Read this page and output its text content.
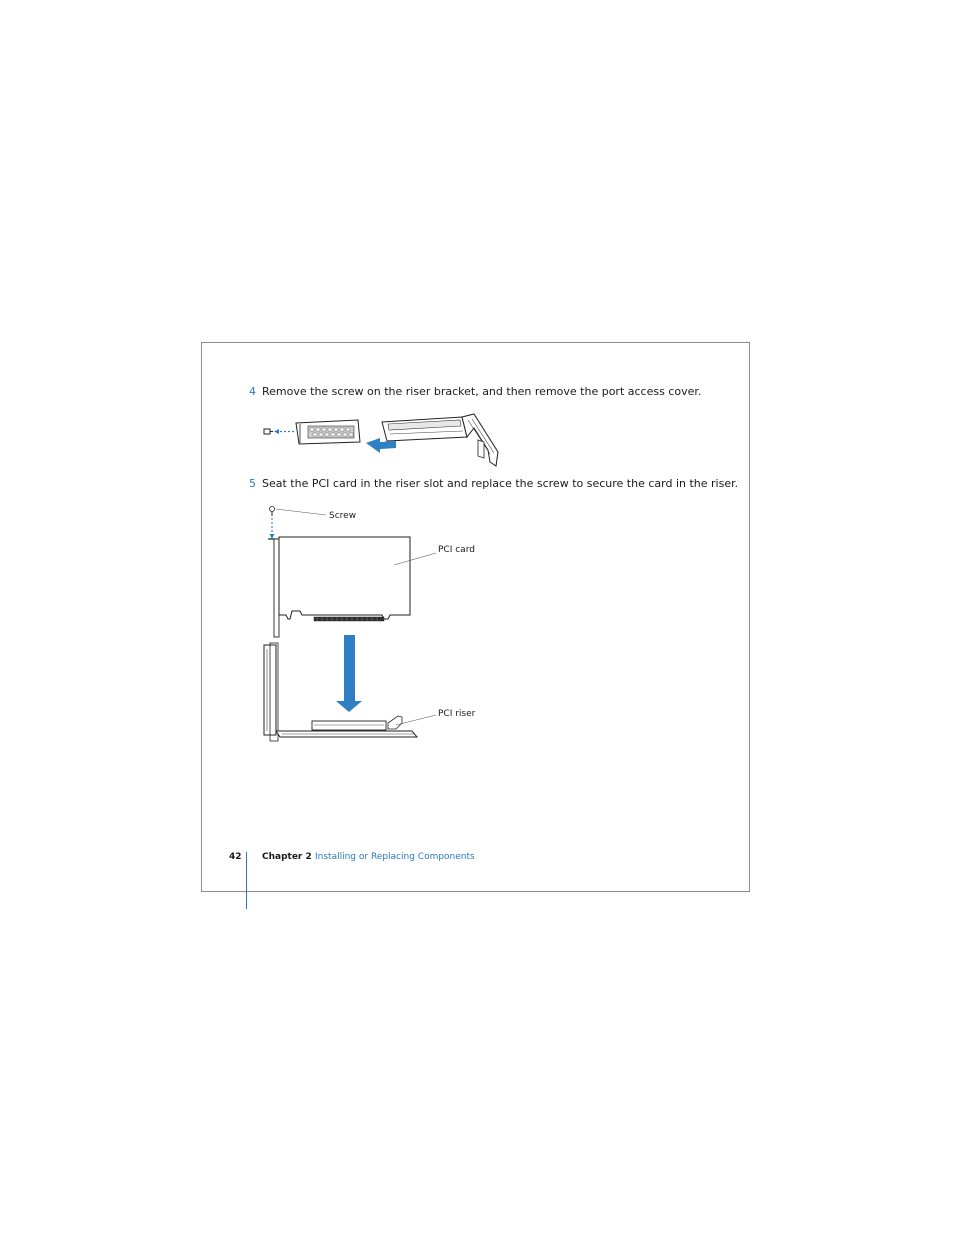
4 Remove the screw on the riser bracket, and then remove the port access cover.
5 Seat the PCI card in the riser slot and replace the screw to secure the card in the riser.
Screw
PCI card
PCI riser
42 Chapter 2 Installing or Replacing Components
